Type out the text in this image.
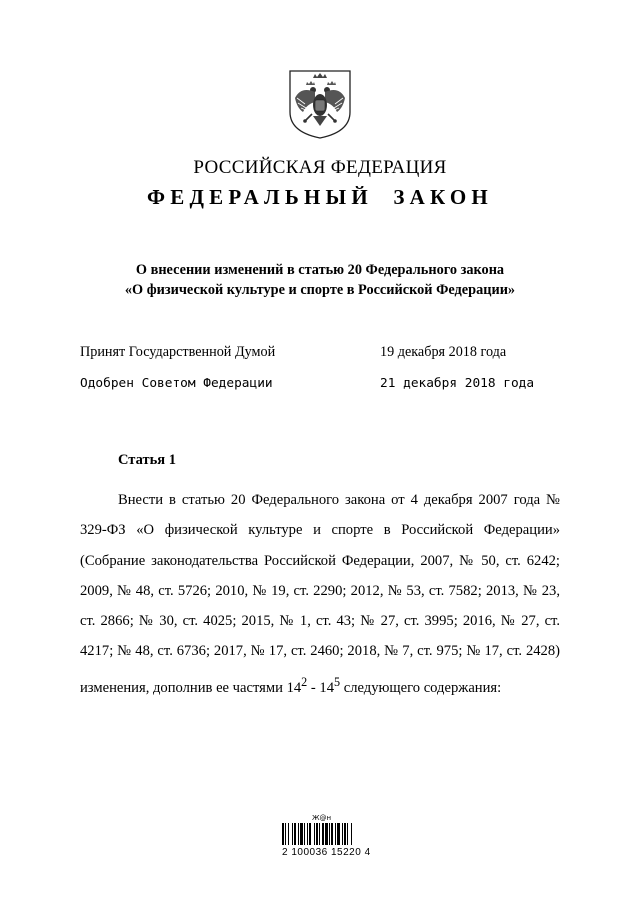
РОССИЙСКАЯ ФЕДЕРАЦИЯ
ФЕДЕРАЛЬНЫЙ ЗАКОН
О внесении изменений в статью 20 Федерального закона
«О физической культуре и спорте в Российской Федерации»
Принят Государственной Думой	19 декабря 2018 года
Одобрен Советом Федерации	21 декабря 2018 года
Статья 1

Внести в статью 20 Федерального закона от 4 декабря 2007 года № 329-ФЗ «О физической культуре и спорте в Российской Федерации» (Собрание законодательства Российской Федерации, 2007, № 50, ст. 6242; 2009, № 48, ст. 5726; 2010, № 19, ст. 2290; 2012, № 53, ст. 7582; 2013, № 23, ст. 2866; № 30, ст. 4025; 2015, № 1, ст. 43; № 27, ст. 3995; 2016, № 27, ст. 4217; № 48, ст. 6736; 2017, № 17, ст. 2460; 2018, № 7, ст. 975; № 17, ст. 2428) изменения, дополнив ее частями $14^2 - 14^5$ следующего содержания:

Ж@н
2 100036 15220 4
